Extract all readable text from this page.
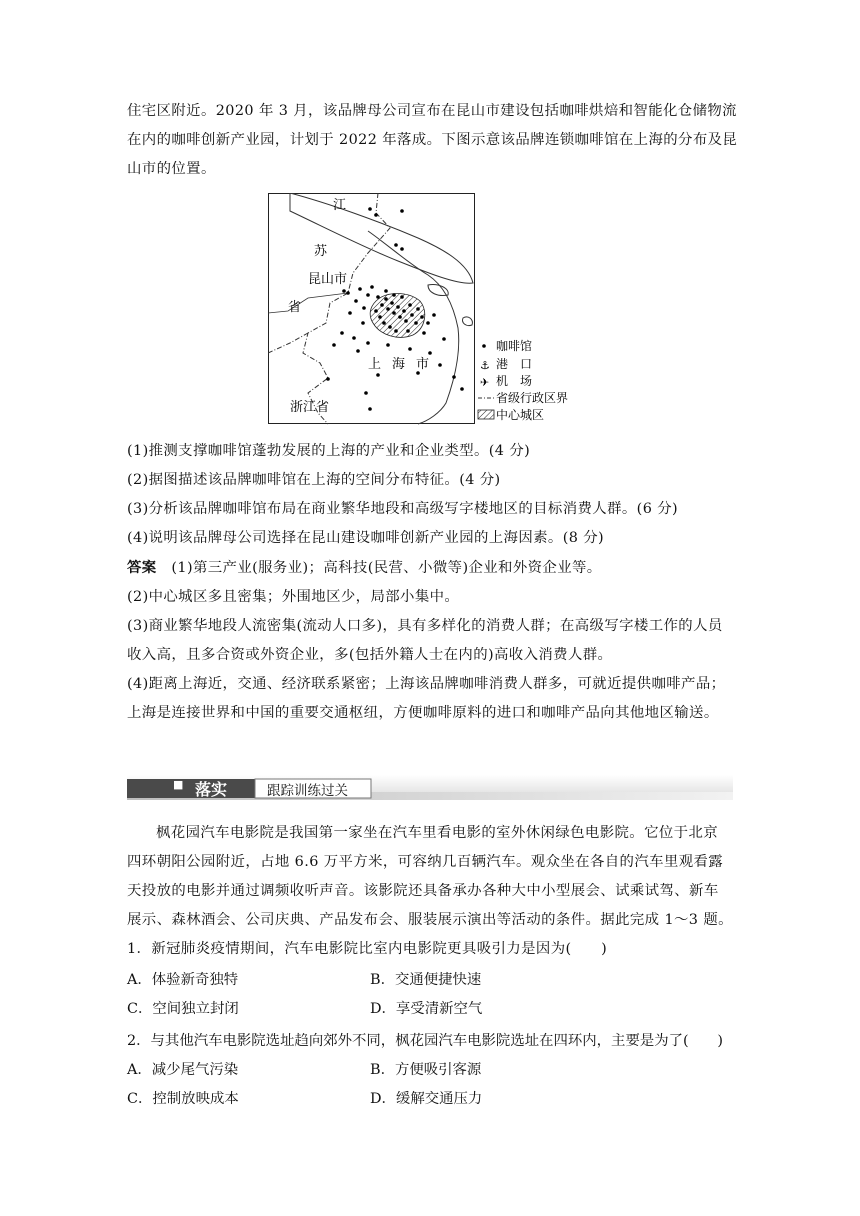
住宅区附近。2020 年 3 月，该品牌母公司宣布在昆山市建设包括咖啡烘焙和智能化仓储物流
在内的咖啡创新产业园，计划于 2022 年落成。下图示意该品牌连锁咖啡馆在上海的分布及昆
山市的位置。
江
苏
昆山市
省
上 海 市
浙江省
咖啡馆
⚓ 港　口
✈ 机　场
省级行政区界
中心城区
(1)推测支撑咖啡馆蓬勃发展的上海的产业和企业类型。(4 分)
(2)据图描述该品牌咖啡馆在上海的空间分布特征。(4 分)
(3)分析该品牌咖啡馆布局在商业繁华地段和高级写字楼地区的目标消费人群。(6 分)
(4)说明该品牌母公司选择在昆山建设咖啡创新产业园的上海因素。(8 分)
答案　(1)第三产业(服务业)；高科技(民营、小微等)企业和外资企业等。
(2)中心城区多且密集；外围地区少，局部小集中。
(3)商业繁华地段人流密集(流动人口多)，具有多样化的消费人群；在高级写字楼工作的人员
收入高，且多合资或外资企业，多(包括外籍人士在内的)高收入消费人群。
(4)距离上海近，交通、经济联系紧密；上海该品牌咖啡消费人群多，可就近提供咖啡产品；
上海是连接世界和中国的重要交通枢纽，方便咖啡原料的进口和咖啡产品向其他地区输送。
■ 落实	跟踪训练过关
枫花园汽车电影院是我国第一家坐在汽车里看电影的室外休闲绿色电影院。它位于北京
四环朝阳公园附近，占地 6.6 万平方米，可容纳几百辆汽车。观众坐在各自的汽车里观看露
天投放的电影并通过调频收听声音。该影院还具备承办各种大中小型展会、试乘试驾、新车
展示、森林酒会、公司庆典、产品发布会、服装展示演出等活动的条件。据此完成 1～3 题。
1．新冠肺炎疫情期间，汽车电影院比室内电影院更具吸引力是因为(　　)
A．体验新奇独特	B．交通便捷快速
C．空间独立封闭	D．享受清新空气
2．与其他汽车电影院选址趋向郊外不同，枫花园汽车电影院选址在四环内，主要是为了(　　)
A．减少尾气污染	B．方便吸引客源
C．控制放映成本	D．缓解交通压力
